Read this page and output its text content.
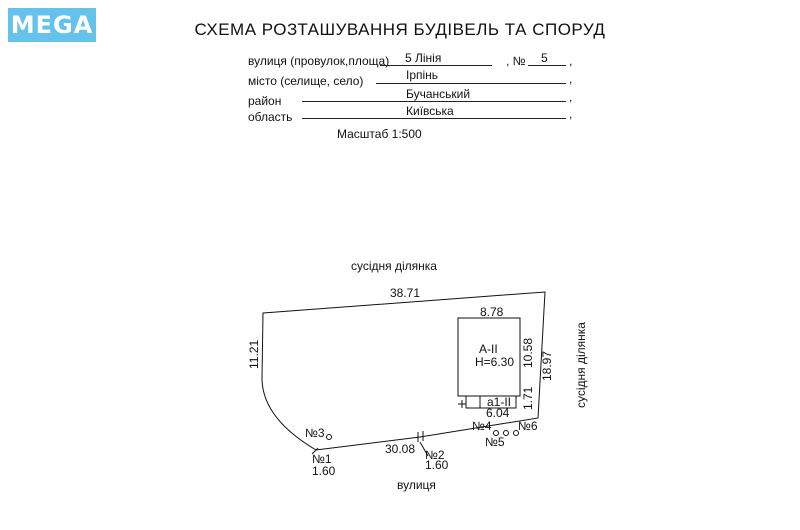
MEGA	СХЕМА РОЗТАШУВАННЯ БУДІВЕЛЬ ТА СПОРУД
вулиця (провулок,площа) 5 Лінія	, № 5 ,
місто (селище, село)	Ірпінь	,
район	Бучанський	,
область	Київська	,
Масштаб 1:500
сусідня ділянка
сусідня ділянка
вулиця
38.71
11.21	18.97
30.08
8.78
10.58
А-ІІ
Н=6.30
а1-ІІ
6.04
1.71
№1
1.60
№2
1.60
№3	№4
№5
№6
